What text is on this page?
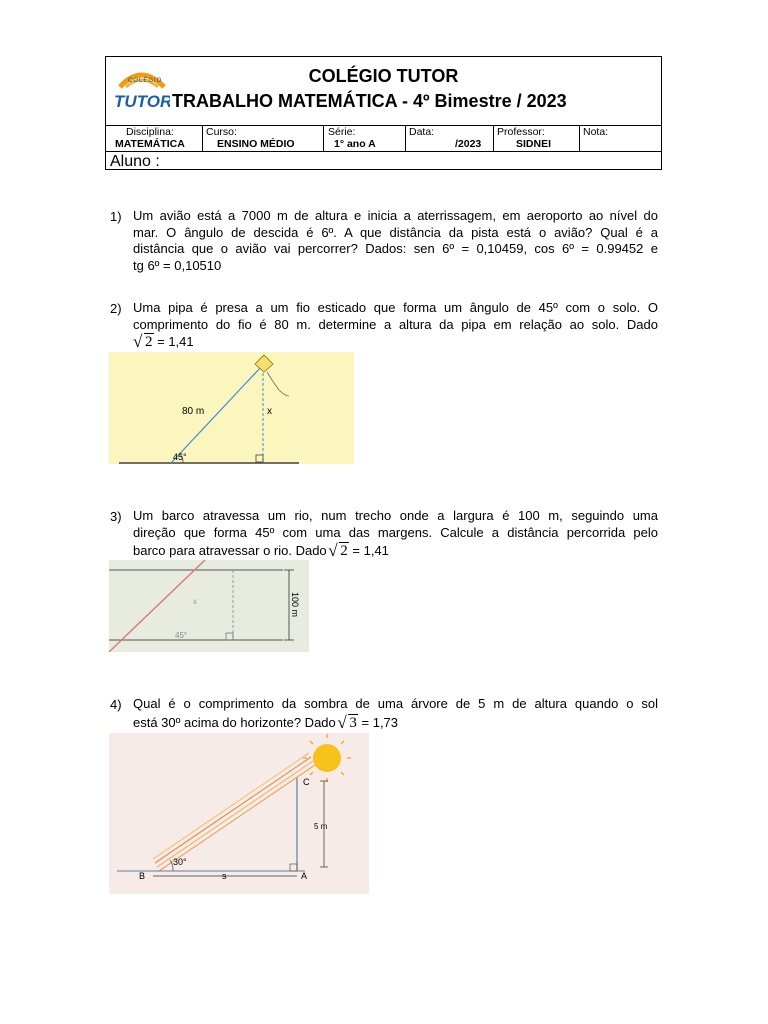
COLÉGIO
TUTOR
COLÉGIO TUTOR
TRABALHO MATEMÁTICA - 4º Bimestre / 2023
Disciplina:
MATEMÁTICA
Curso:
ENSINO MÉDIO
Série:
1° ano A
Data:
/2023
Professor:
SIDNEI
Nota:
Aluno :
1) Um avião está a 7000 m de altura e inicia a aterrissagem, em aeroporto ao nível do
mar. O ângulo de descida é 6º. A que distância da pista está o avião? Qual é a
distância que o avião vai percorrer? Dados: sen 6º = 0,10459, cos 6º = 0.99452 e
tg 6º = 0,10510
2) Uma pipa é presa a um fio esticado que forma um ângulo de 45º com o solo. O
comprimento do fio é 80 m. determine a altura da pipa em relação ao solo. Dado
√ 2 = 1,41
80 m	x
45°
3) Um barco atravessa um rio, num trecho onde a largura é 100 m, seguindo uma
direção que forma 45º com uma das margens. Calcule a distância percorrida pelo
barco para atravessar o rio. Dado √ 2 = 1,41
x
45°
100 m
4) Qual é o comprimento da sombra de uma árvore de 5 m de altura quando o sol
está 30º acima do horizonte? Dado √ 3 = 1,73
C
5 m
B	A
s
30°
